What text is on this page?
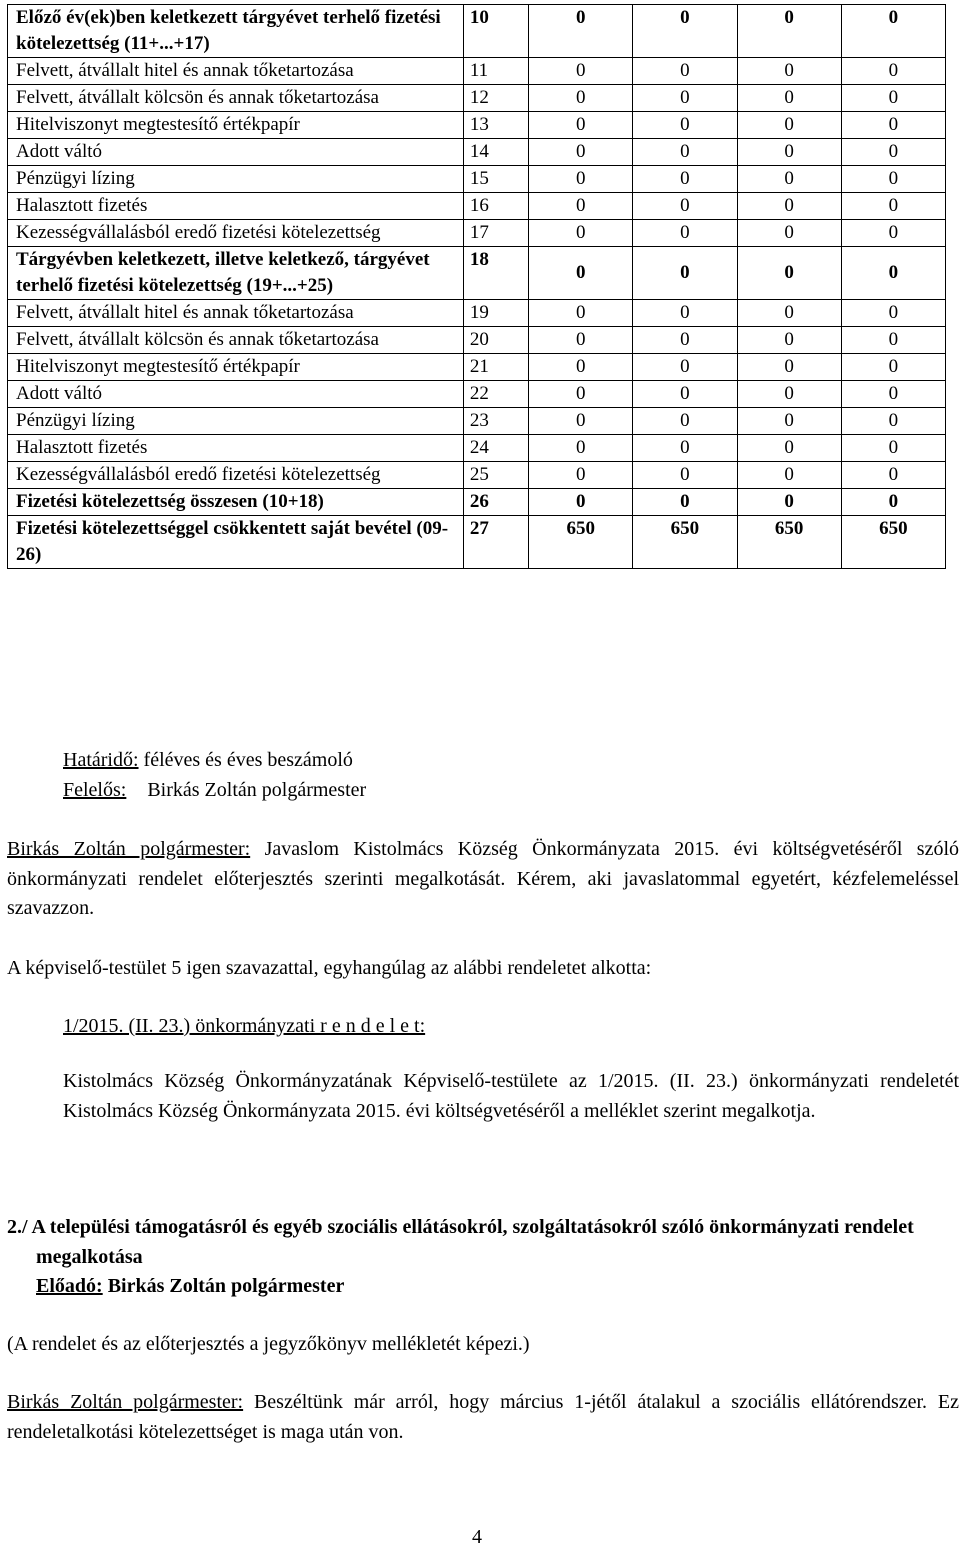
Előző év(ek)ben keletkezett tárgyévet terhelő fizetési kötelezettség (11+...+17)	10	0	0	0	0
Felvett, átvállalt hitel és annak tőketartozása	11	0	0	0	0
Felvett, átvállalt kölcsön és annak tőketartozása	12	0	0	0	0
Hitelviszonyt megtestesítő értékpapír	13	0	0	0	0
Adott váltó	14	0	0	0	0
Pénzügyi lízing	15	0	0	0	0
Halasztott fizetés	16	0	0	0	0
Kezességvállalásból eredő fizetési kötelezettség	17	0	0	0	0
Tárgyévben keletkezett, illetve keletkező, tárgyévet terhelő fizetési kötelezettség (19+...+25)	18	0	0	0	0
Felvett, átvállalt hitel és annak tőketartozása	19	0	0	0	0
Felvett, átvállalt kölcsön és annak tőketartozása	20	0	0	0	0
Hitelviszonyt megtestesítő értékpapír	21	0	0	0	0
Adott váltó	22	0	0	0	0
Pénzügyi lízing	23	0	0	0	0
Halasztott fizetés	24	0	0	0	0
Kezességvállalásból eredő fizetési kötelezettség	25	0	0	0	0
Fizetési kötelezettség összesen (10+18)	26	0	0	0	0
Fizetési kötelezettséggel csökkentett saját bevétel (09-26)	27	650	650	650	650

Határidő: féléves és éves beszámoló

Felelős: Birkás Zoltán polgármester

Birkás Zoltán polgármester: Javaslom Kistolmács Község Önkormányzata 2015. évi költségvetéséről szóló önkormányzati rendelet előterjesztés szerinti megalkotását. Kérem, aki javaslatommal egyetért, kézfelemeléssel szavazzon.

A képviselő-testület 5 igen szavazattal, egyhangúlag az alábbi rendeletet alkotta:

1/2015. (II. 23.) önkormányzati r e n d e l e t:

Kistolmács Község Önkormányzatának Képviselő-testülete az 1/2015. (II. 23.) önkormányzati rendeletét Kistolmács Község Önkormányzata 2015. évi költségvetéséről a melléklet szerint megalkotja.

2./ A települési támogatásról és egyéb szociális ellátásokról, szolgáltatásokról szóló önkormányzati rendelet megalkotása

Előadó: Birkás Zoltán polgármester

(A rendelet és az előterjesztés a jegyzőkönyv mellékletét képezi.)

Birkás Zoltán polgármester: Beszéltünk már arról, hogy március 1-jétől átalakul a szociális ellátórendszer. Ez rendeletalkotási kötelezettséget is maga után von.

4
